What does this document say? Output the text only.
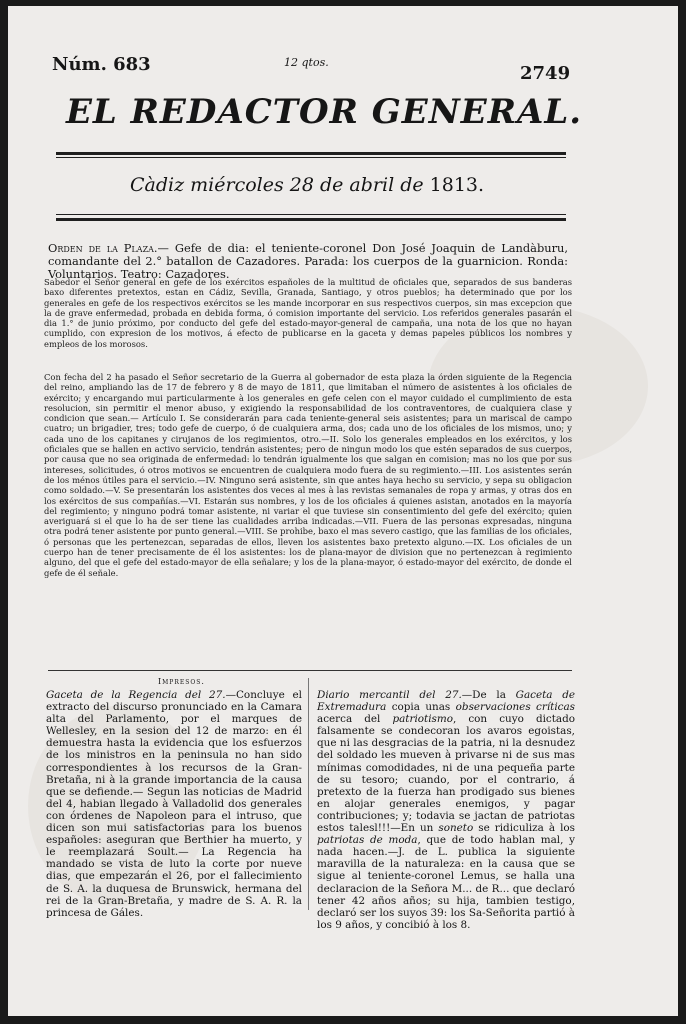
Núm. 683	12 qtos.
2749
EL REDACTOR GENERAL.
Càdiz miércoles 28 de abril de 1813.
Orden de la Plaza.— Gefe de dia: el teniente-coronel Don José Joaquin de Landàburu, comandante del 2.° batallon de Cazadores. Parada: los cuerpos de la guarnicion. Ronda: Voluntarios. Teatro: Cazadores.
Sabedor el Señor general en gefe de los exércitos españoles de la multitud de oficiales que, separados de sus banderas baxo diferentes pretextos, estan en Cádiz, Sevilla, Granada, Santiago, y otros pueblos; ha determinado que por los generales en gefe de los respectivos exércitos se les mande incorporar en sus respectivos cuerpos, sin mas excepcion que la de grave enfermedad, probada en debida forma, ó comision importante del servicio. Los referidos generales pasarán el dia 1.° de junio próximo, por conducto del gefe del estado-mayor-general de campaña, una nota de los que no hayan cumplido, con expresion de los motivos, á efecto de publicarse en la gaceta y demas papeles públicos los nombres y empleos de los morosos.
Con fecha del 2 ha pasado el Señor secretario de la Guerra al gobernador de esta plaza la órden siguiente de la Regencia del reino, ampliando las de 17 de febrero y 8 de mayo de 1811, que limitaban el número de asistentes à los oficiales de exército; y encargando mui particularmente à los generales en gefe celen con el mayor cuidado el cumplimiento de esta resolucion, sin permitir el menor abuso, y exigiendo la responsabilidad de los contraventores, de cualquiera clase y condicion que sean.— Artículo I. Se considerarán para cada teniente-general seis asistentes; para un mariscal de campo cuatro; un brigadier, tres; todo gefe de cuerpo, ó de cualquiera arma, dos; cada uno de los oficiales de los mismos, uno; y cada uno de los capitanes y cirujanos de los regimientos, otro.—II. Solo los generales empleados en los exércitos, y los oficiales que se hallen en activo servicio, tendrán asistentes; pero de ningun modo los que estén separados de sus cuerpos, por causa que no sea originada de enfermedad: lo tendrán igualmente los que salgan en comision; mas no los que por sus intereses, solicitudes, ó otros motivos se encuentren de cualquiera modo fuera de su regimiento.—III. Los asistentes serán de los ménos útiles para el servicio.—IV. Ninguno será asistente, sin que antes haya hecho su servicio, y sepa su obligacion como soldado.—V. Se presentarán los asistentes dos veces al mes à las revistas semanales de ropa y armas, y otras dos en los exércitos de sus compañías.—VI. Estarán sus nombres, y los de los oficiales á quienes asistan, anotados en la mayoría del regimiento; y ninguno podrá tomar asistente, ni variar el que tuviese sin consentimiento del gefe del exército; quien averiguará si el que lo ha de ser tiene las cualidades arriba indicadas.—VII. Fuera de las personas expresadas, ninguna otra podrá tener asistente por punto general.—VIII. Se prohibe, baxo el mas severo castigo, que las familias de los oficiales, ó personas que les pertenezcan, separadas de ellos, lleven los asistentes baxo pretexto alguno.—IX. Los oficiales de un cuerpo han de tener precisamente de él los asistentes: los de plana-mayor de division que no pertenezcan à regimiento alguno, del que el gefe del estado-mayor de ella señalare; y los de la plana-mayor, ó estado-mayor del exército, de donde el gefe de él señale.
Impresos.
Gaceta de la Regencia del 27.—Concluye el extracto del discurso pronunciado en la Camara alta del Parlamento, por el marques de Wellesley, en la sesion del 12 de marzo: en él demuestra hasta la evidencia que los esfuerzos de los ministros en la peninsula no han sido correspondientes à los recursos de la Gran-Bretaña, ni à la grande importancia de la causa que se defiende.— Segun las noticias de Madrid del 4, habian llegado à Valladolid dos generales con órdenes de Napoleon para el intruso, que dicen son mui satisfactorias para los buenos españoles: aseguran que Berthier ha muerto, y le reemplazará Soult.— La Regencia ha mandado se vista de luto la corte por nueve dias, que empezarán el 26, por el fallecimiento de S. A. la duquesa de Brunswick, hermana del rei de la Gran-Bretaña, y madre de S. A. R. la princesa de Gáles.
Diario mercantil del 27.—De la Gaceta de Extremadura copia unas observaciones críticas acerca del patriotismo, con cuyo dictado falsamente se condecoran los avaros egoistas, que ni las desgracias de la patria, ni la desnudez del soldado les mueven à privarse ni de sus mas mínimas comodidades, ni de una pequeña parte de su tesoro; cuando, por el contrario, á pretexto de la fuerza han prodigado sus bienes en alojar generales enemigos, y pagar contribuciones; y; todavia se jactan de patriotas estos talesl!!!—En un soneto se ridiculiza à los patriotas de moda, que de todo hablan mal, y nada hacen.—J. de L. publica la siguiente maravilla de la naturaleza: en la causa que se sigue al teniente-coronel Lemus, se halla una declaracion de la Señora M... de R... que declaró tener 42 años años; su hija, tambien testigo, declaró ser los suyos 39: los Sa-Señorita partió à los 9 años, y concibió à los 8.
